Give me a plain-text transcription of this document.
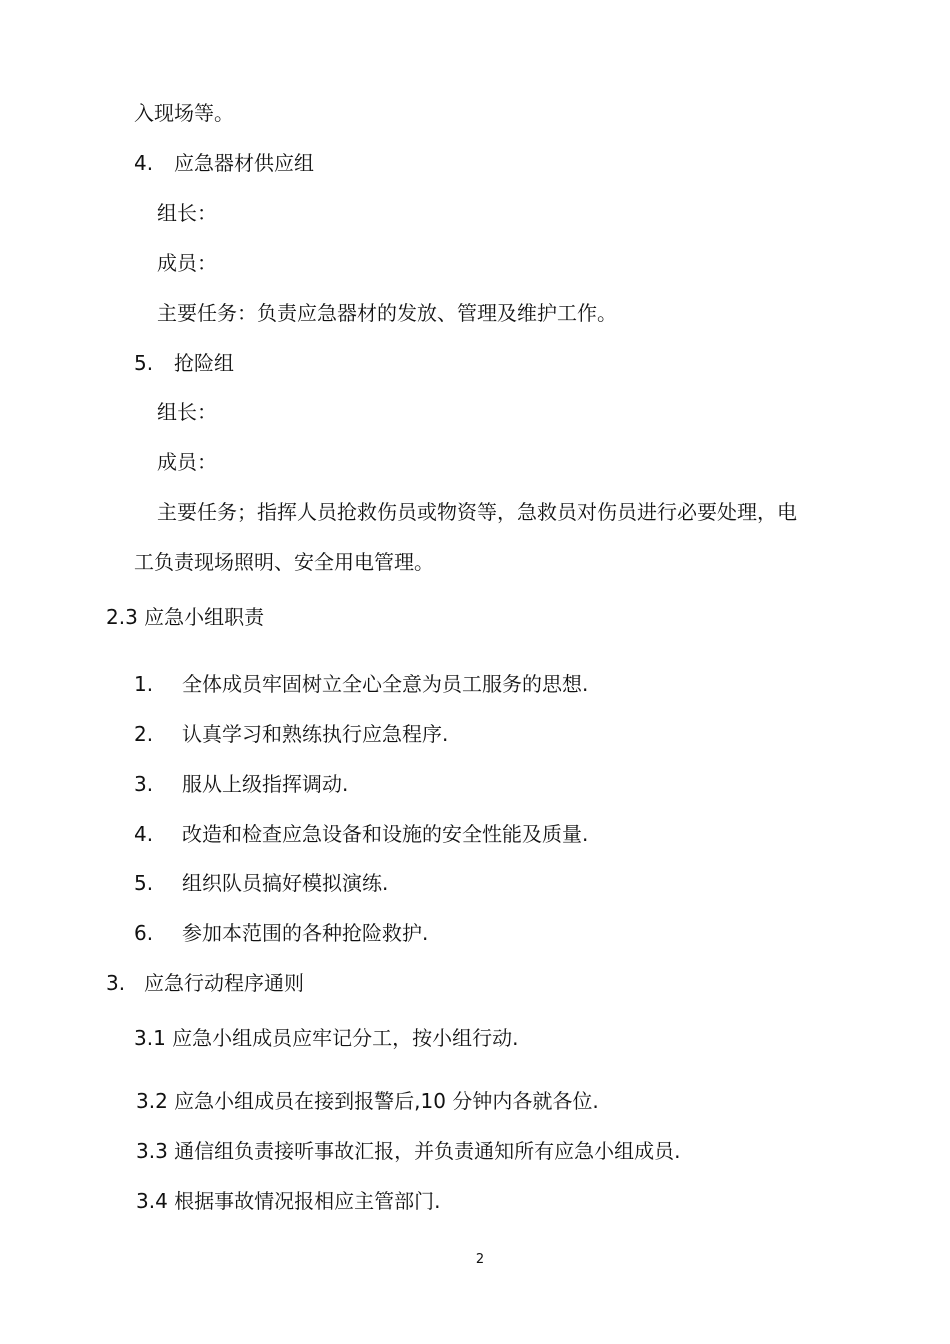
入现场等。
4. 应急器材供应组
组长：
成员：
主要任务：负责应急器材的发放、管理及维护工作。
5. 抢险组
组长：
成员：
主要任务；指挥人员抢救伤员或物资等，急救员对伤员进行必要处理，电
工负责现场照明、安全用电管理。
2.3 应急小组职责
1. 全体成员牢固树立全心全意为员工服务的思想.
2. 认真学习和熟练执行应急程序.
3. 服从上级指挥调动.
4. 改造和检查应急设备和设施的安全性能及质量.
5. 组织队员搞好模拟演练.
6. 参加本范围的各种抢险救护.
3. 应急行动程序通则
3.1 应急小组成员应牢记分工，按小组行动.
3.2 应急小组成员在接到报警后,10 分钟内各就各位.
3.3 通信组负责接听事故汇报，并负责通知所有应急小组成员.
3.4 根据事故情况报相应主管部门.
2
